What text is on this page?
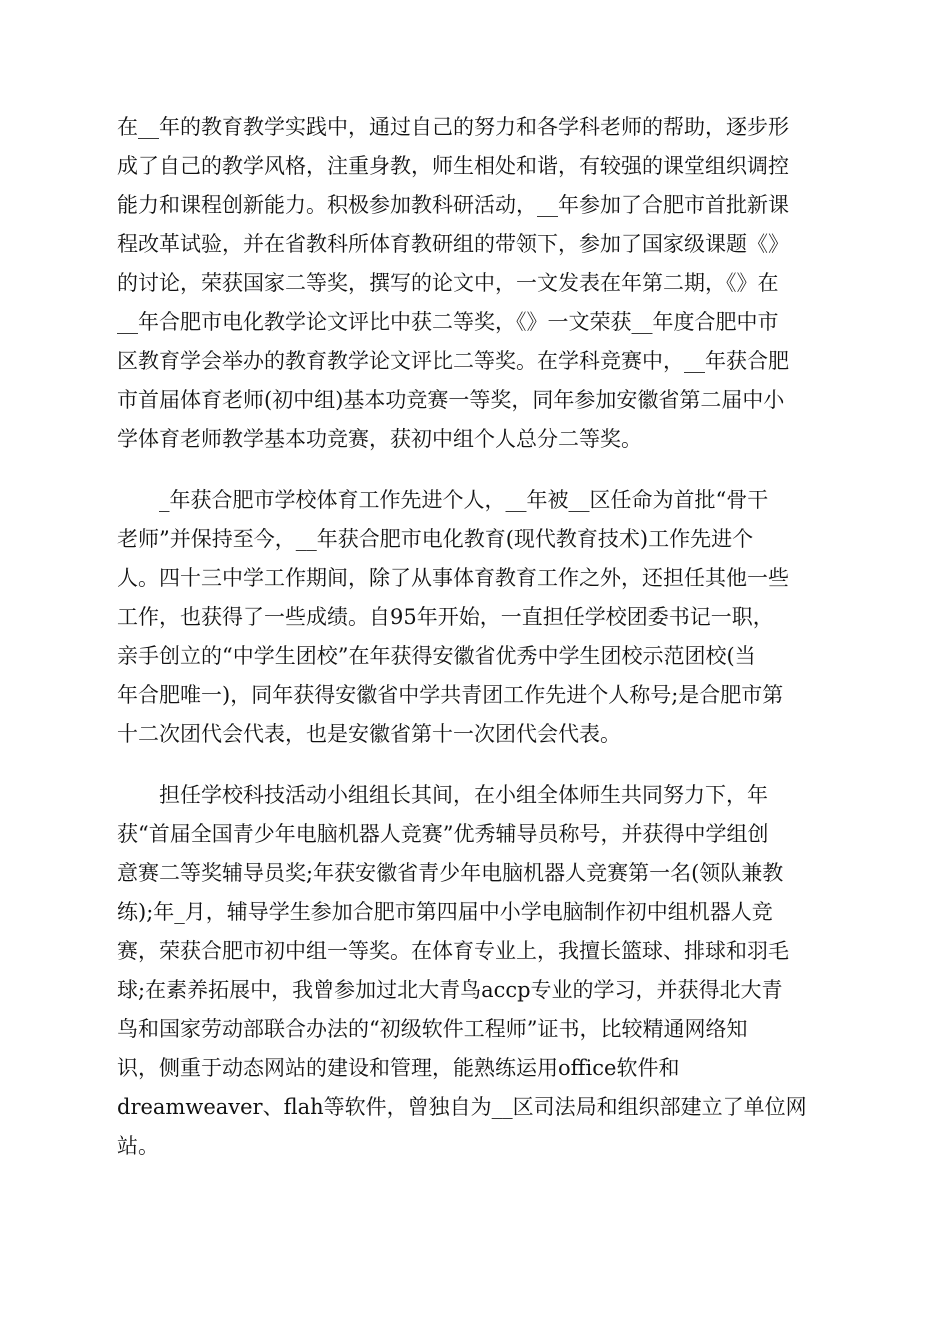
在__年的教育教学实践中，通过自己的努力和各学科老师的帮助，逐步形
成了自己的教学风格，注重身教，师生相处和谐，有较强的课堂组织调控
能力和课程创新能力。积极参加教科研活动，__年参加了合肥市首批新课
程改革试验，并在省教科所体育教研组的带领下，参加了国家级课题《》
的讨论，荣获国家二等奖，撰写的论文中，一文发表在年第二期，《》在
__年合肥市电化教学论文评比中获二等奖，《》一文荣获__年度合肥中市
区教育学会举办的教育教学论文评比二等奖。在学科竞赛中，__年获合肥
市首届体育老师(初中组)基本功竞赛一等奖，同年参加安徽省第二届中小
学体育老师教学基本功竞赛，获初中组个人总分二等奖。
_年获合肥市学校体育工作先进个人，__年被__区任命为首批“骨干
老师”并保持至今，__年获合肥市电化教育(现代教育技术)工作先进个
人。四十三中学工作期间，除了从事体育教育工作之外，还担任其他一些
工作，也获得了一些成绩。自95年开始，一直担任学校团委书记一职，
亲手创立的“中学生团校”在年获得安徽省优秀中学生团校示范团校(当
年合肥唯一)，同年获得安徽省中学共青团工作先进个人称号;是合肥市第
十二次团代会代表，也是安徽省第十一次团代会代表。
担任学校科技活动小组组长其间，在小组全体师生共同努力下，年
获“首届全国青少年电脑机器人竞赛”优秀辅导员称号，并获得中学组创
意赛二等奖辅导员奖;年获安徽省青少年电脑机器人竞赛第一名(领队兼教
练);年_月，辅导学生参加合肥市第四届中小学电脑制作初中组机器人竞
赛，荣获合肥市初中组一等奖。在体育专业上，我擅长篮球、排球和羽毛
球;在素养拓展中，我曾参加过北大青鸟accp专业的学习，并获得北大青
鸟和国家劳动部联合办法的“初级软件工程师”证书，比较精通网络知
识，侧重于动态网站的建设和管理，能熟练运用office软件和
dreamweaver、flah等软件，曾独自为__区司法局和组织部建立了单位网
站。
